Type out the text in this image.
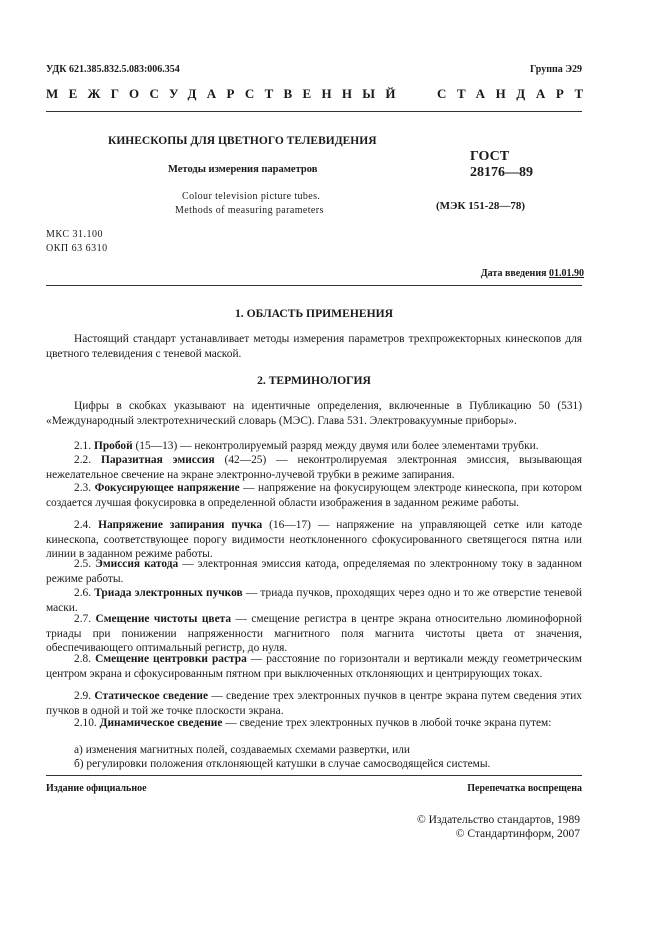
УДК 621.385.832.5.083:006.354	Группа Э29
МЕЖГОСУДАРСТВЕННЫЙ СТАНДАРТ
КИНЕСКОПЫ ДЛЯ ЦВЕТНОГО ТЕЛЕВИДЕНИЯ
Методы измерения параметров
Colour television picture tubes.
Methods of measuring parameters
ГОСТ
28176—89
(МЭК 151-28—78)
МКС 31.100
ОКП 63 6310
Дата введения 01.01.90
1. ОБЛАСТЬ ПРИМЕНЕНИЯ
Настоящий стандарт устанавливает методы измерения параметров трехпрожекторных кинескопов для цветного телевидения с теневой маской.
2. ТЕРМИНОЛОГИЯ
Цифры в скобках указывают на идентичные определения, включенные в Публикацию 50 (531) «Международный электротехнический словарь (МЭС). Глава 531. Электровакуумные приборы».
2.1. Пробой (15—13) — неконтролируемый разряд между двумя или более элементами трубки.
2.2. Паразитная эмиссия (42—25) — неконтролируемая электронная эмиссия, вызывающая нежелательное свечение на экране электронно-лучевой трубки в режиме запирания.
2.3. Фокусирующее напряжение — напряжение на фокусирующем электроде кинескопа, при котором создается лучшая фокусировка в определенной области изображения в заданном режиме работы.
2.4. Напряжение запирания пучка (16—17) — напряжение на управляющей сетке или катоде кинескопа, соответствующее порогу видимости неотклоненного сфокусированного светящегося пятна или линии в заданном режиме работы.
2.5. Эмиссия катода — электронная эмиссия катода, определяемая по электронному току в заданном режиме работы.
2.6. Триада электронных пучков — триада пучков, проходящих через одно и то же отверстие теневой маски.
2.7. Смещение чистоты цвета — смещение регистра в центре экрана относительно люминофорной триады при понижении напряженности магнитного поля магнита чистоты цвета от значения, обеспечивающего оптимальный регистр, до нуля.
2.8. Смещение центровки растра — расстояние по горизонтали и вертикали между геометрическим центром экрана и сфокусированным пятном при выключенных отклоняющих и центрирующих токах.
2.9. Статическое сведение — сведение трех электронных пучков в центре экрана путем сведения этих пучков в одной и той же точке плоскости экрана.
2.10. Динамическое сведение — сведение трех электронных пучков в любой точке экрана путем:
а) изменения магнитных полей, создаваемых схемами развертки, или
б) регулировки положения отклоняющей катушки в случае самосводящейся системы.
Издание официальное	Перепечатка воспрещена
© Издательство стандартов, 1989
© Стандартинформ, 2007
